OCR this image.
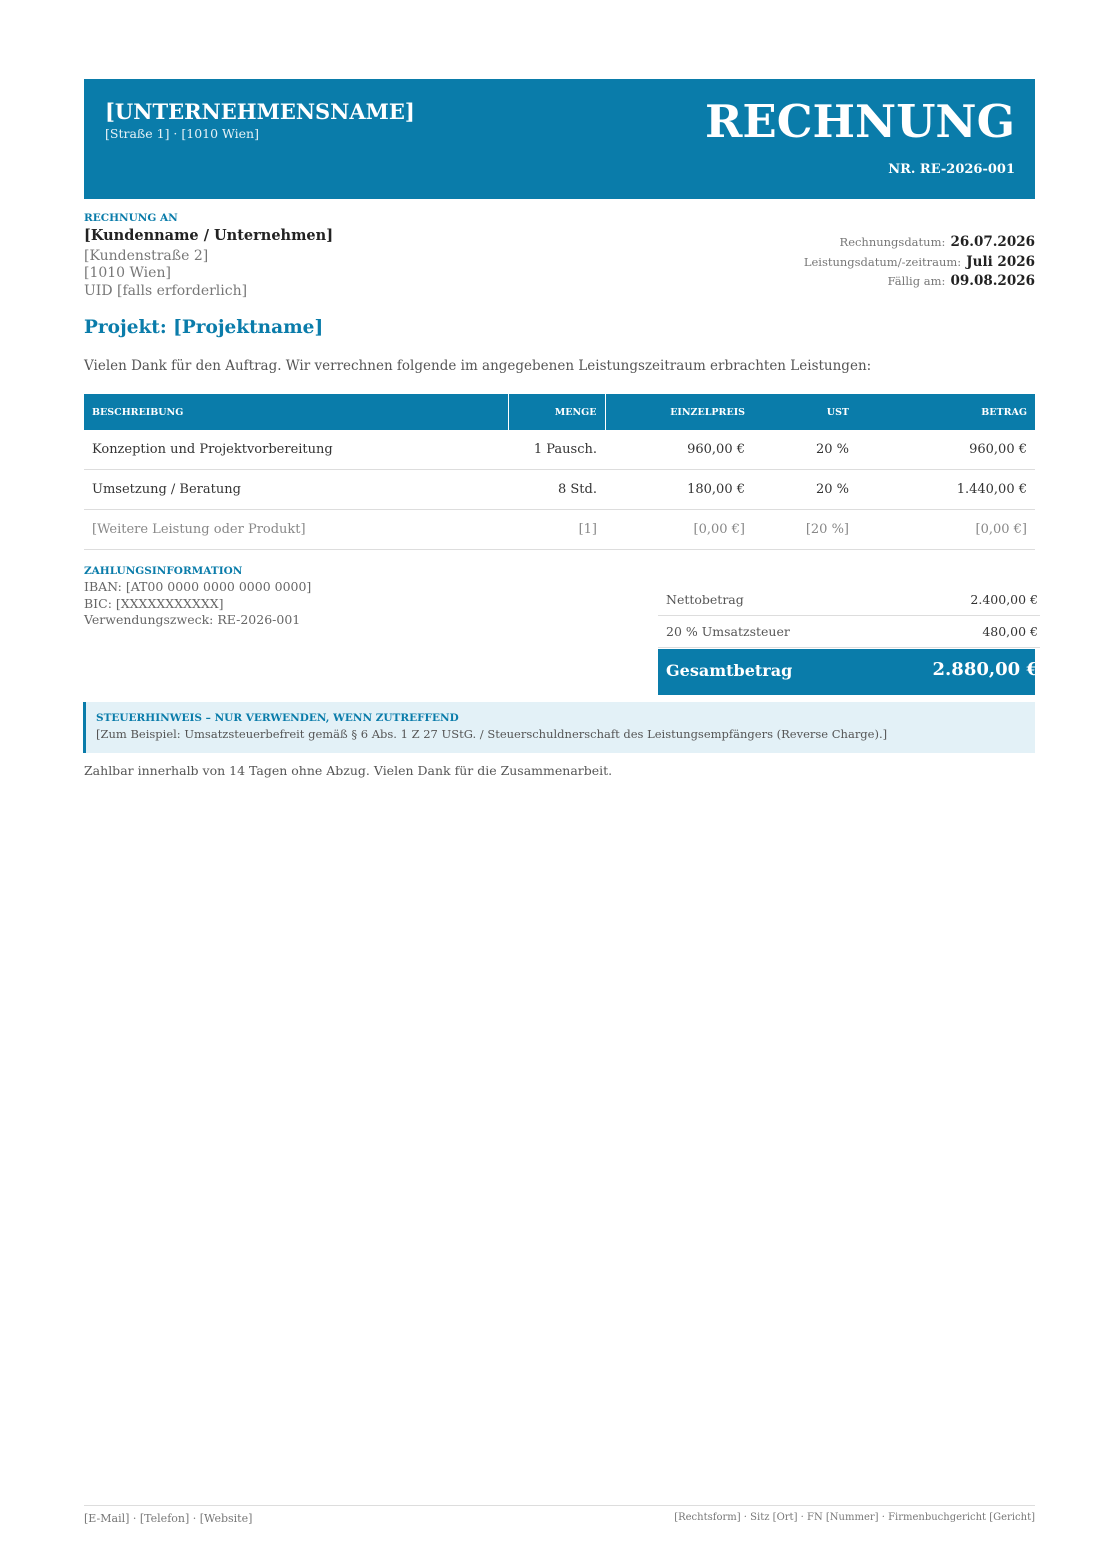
[UNTERNEHMENSNAME]
[Straße 1] · [1010 Wien]	RECHNUNG
NR. RE-2026-001
RECHNUNG AN
[Kundenname / Unternehmen]
[Kundenstraße 2]
[1010 Wien]
UID [falls erforderlich]
Rechnungsdatum: 26.07.2026
Leistungsdatum/-zeitraum: Juli 2026
Fällig am: 09.08.2026
Projekt: [Projektname]
Vielen Dank für den Auftrag. Wir verrechnen folgende im angegebenen Leistungszeitraum erbrachten Leistungen:
BESCHREIBUNG	MENGE	EINZELPREIS	UST	BETRAG
Konzeption und Projektvorbereitung	1 Pausch.	960,00 €	20 %	960,00 €
Umsetzung / Beratung	8 Std.	180,00 €	20 %	1.440,00 €
[Weitere Leistung oder Produkt]	[1]	[0,00 €]	[20 %]	[0,00 €]
ZAHLUNGSINFORMATION
IBAN: [AT00 0000 0000 0000 0000]
BIC: [XXXXXXXXXXX]
Verwendungszweck: RE-2026-001
Nettobetrag	2.400,00 €
20 % Umsatzsteuer	480,00 €
Gesamtbetrag	2.880,00 €
STEUERHINWEIS – NUR VERWENDEN, WENN ZUTREFFEND
[Zum Beispiel: Umsatzsteuerbefreit gemäß § 6 Abs. 1 Z 27 UStG. / Steuerschuldnerschaft des Leistungsempfängers (Reverse Charge).]
Zahlbar innerhalb von 14 Tagen ohne Abzug. Vielen Dank für die Zusammenarbeit.
[E-Mail] · [Telefon] · [Website]	[Rechtsform] · Sitz [Ort] · FN [Nummer] · Firmenbuchgericht [Gericht]
